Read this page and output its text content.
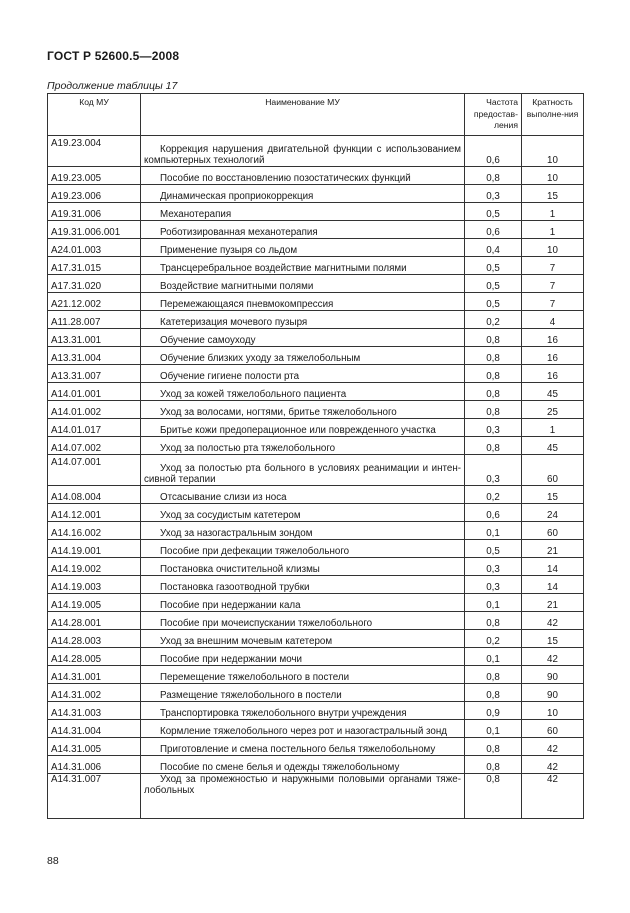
ГОСТ Р 52600.5—2008
Продолжение таблицы 17
Код МУ	Наименование МУ	Частота предостав-ления	Кратность выполне-ния
A19.23.004	Коррекция нарушения двигательной функции с использованием компьютерных технологий	0,6	10
A19.23.005	Пособие по восстановлению позостатических функций	0,8	10
A19.23.006	Динамическая проприокоррекция	0,3	15
A19.31.006	Механотерапия	0,5	1
A19.31.006.001	Роботизированная механотерапия	0,6	1
A24.01.003	Применение пузыря со льдом	0,4	10
A17.31.015	Трансцеребральное воздействие магнитными полями	0,5	7
A17.31.020	Воздействие магнитными полями	0,5	7
A21.12.002	Перемежающаяся пневмокомпрессия	0,5	7
A11.28.007	Катетеризация мочевого пузыря	0,2	4
A13.31.001	Обучение самоуходу	0,8	16
A13.31.004	Обучение близких уходу за тяжелобольным	0,8	16
A13.31.007	Обучение гигиене полости рта	0,8	16
A14.01.001	Уход за кожей тяжелобольного пациента	0,8	45
A14.01.002	Уход за волосами, ногтями, бритье тяжелобольного	0,8	25
A14.01.017	Бритье кожи предоперационное или поврежденного участка	0,3	1
A14.07.002	Уход за полостью рта тяжелобольного	0,8	45
A14.07.001	Уход за полостью рта больного в условиях реанимации и интен-сивной терапии	0,3	60
A14.08.004	Отсасывание слизи из носа	0,2	15
A14.12.001	Уход за сосудистым катетером	0,6	24
A14.16.002	Уход за назогастральным зондом	0,1	60
A14.19.001	Пособие при дефекации тяжелобольного	0,5	21
A14.19.002	Постановка очистительной клизмы	0,3	14
A14.19.003	Постановка газоотводной трубки	0,3	14
A14.19.005	Пособие при недержании кала	0,1	21
A14.28.001	Пособие при мочеиспускании тяжелобольного	0,8	42
A14.28.003	Уход за внешним мочевым катетером	0,2	15
A14.28.005	Пособие при недержании мочи	0,1	42
A14.31.001	Перемещение тяжелобольного в постели	0,8	90
A14.31.002	Размещение тяжелобольного в постели	0,8	90
A14.31.003	Транспортировка тяжелобольного внутри учреждения	0,9	10
A14.31.004	Кормление тяжелобольного через рот и назогастральный зонд	0,1	60
A14.31.005	Приготовление и смена постельного белья тяжелобольному	0,8	42
A14.31.006	Пособие по смене белья и одежды тяжелобольному	0,8	42
A14.31.007	Уход за промежностью и наружными половыми органами тяже-лобольных	0,8	42
88
